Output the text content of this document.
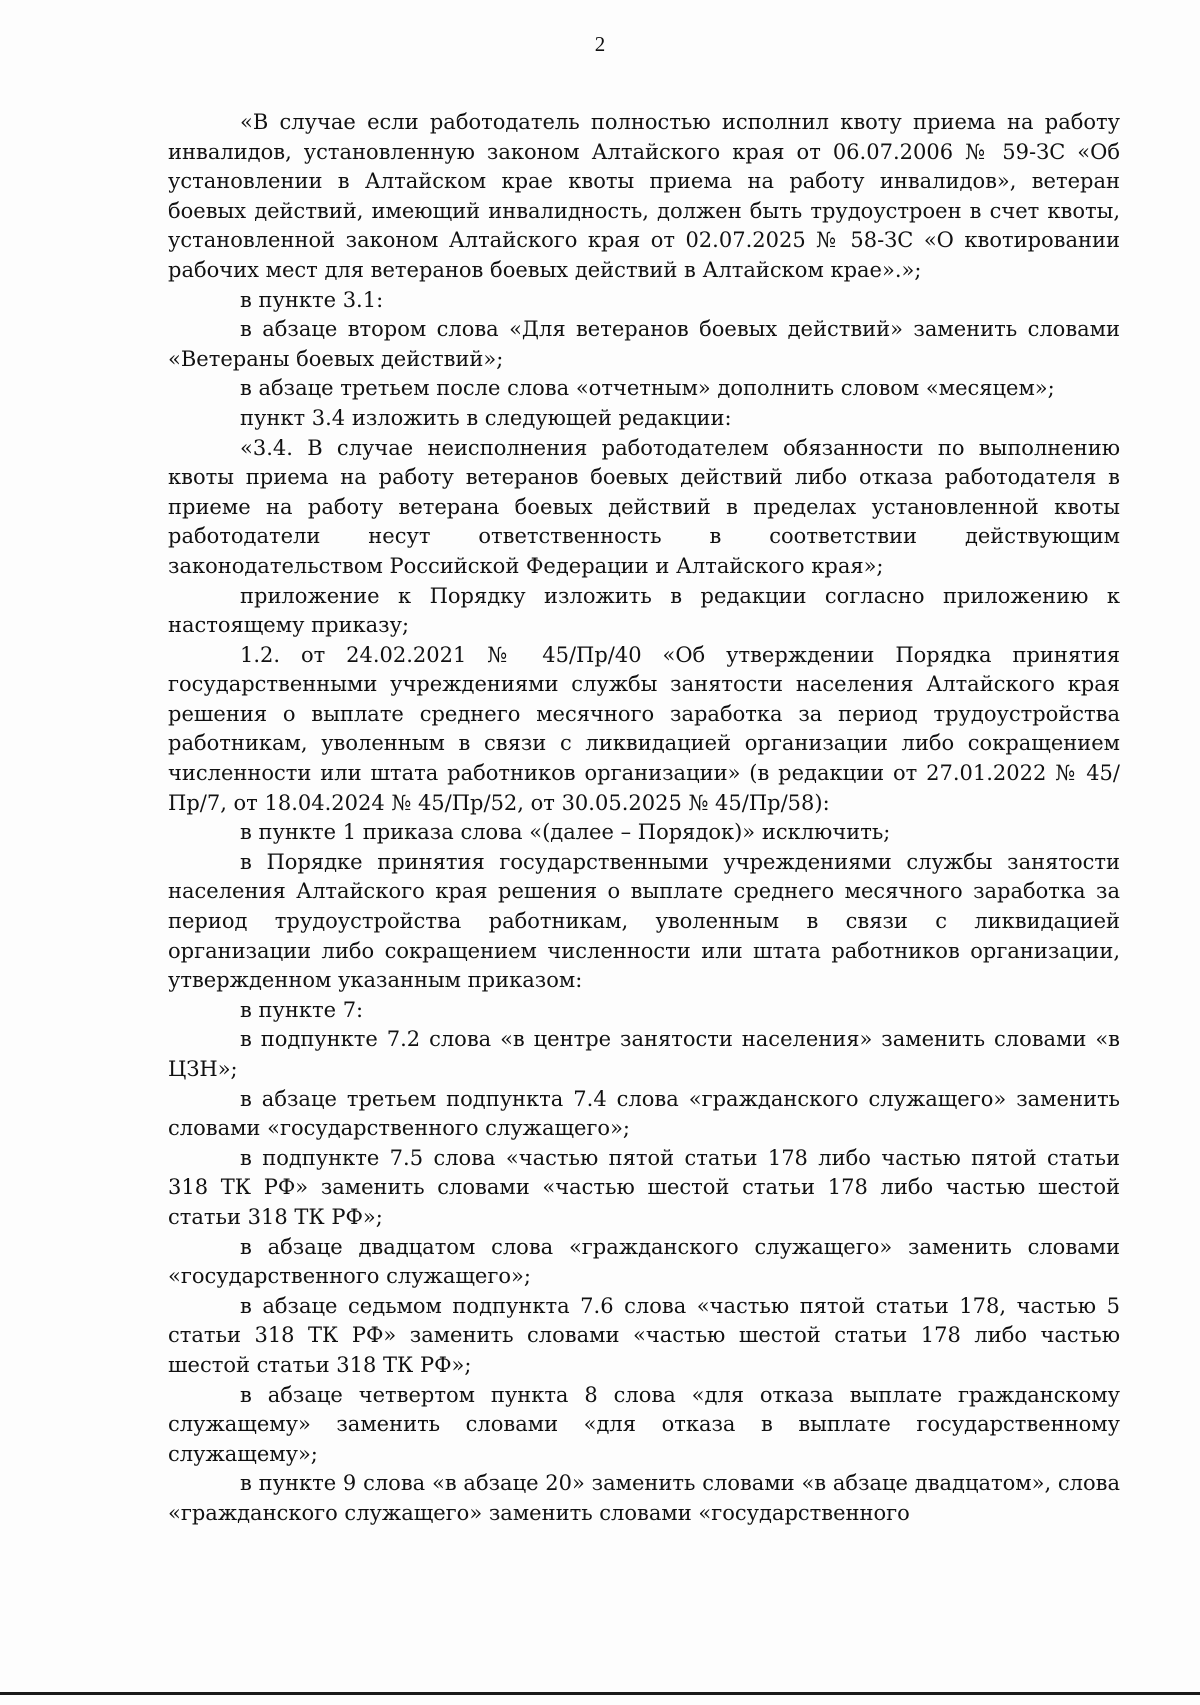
2

«В случае если работодатель полностью исполнил квоту приема на работу инвалидов, установленную законом Алтайского края от 06.07.2006 № 59-ЗС «Об установлении в Алтайском крае квоты приема на работу инвалидов», ветеран боевых действий, имеющий инвалидность, должен быть трудоустроен в счет квоты, установленной законом Алтайского края от 02.07.2025 № 58-ЗС «О квотировании рабочих мест для ветеранов боевых действий в Алтайском крае».»;

в пункте 3.1:

в абзаце втором слова «Для ветеранов боевых действий» заменить словами «Ветераны боевых действий»;

в абзаце третьем после слова «отчетным» дополнить словом «месяцем»;

пункт 3.4 изложить в следующей редакции:

«3.4. В случае неисполнения работодателем обязанности по выполнению квоты приема на работу ветеранов боевых действий либо отказа работодателя в приеме на работу ветерана боевых действий в пределах установленной квоты работодатели несут ответственность в соответствии действующим законодательством Российской Федерации и Алтайского края»;

приложение к Порядку изложить в редакции согласно приложению к настоящему приказу;

1.2. от 24.02.2021 № 45/Пр/40 «Об утверждении Порядка принятия государственными учреждениями службы занятости населения Алтайского края решения о выплате среднего месячного заработка за период трудоустройства работникам, уволенным в связи с ликвидацией организации либо сокращением численности или штата работников организации» (в редакции от 27.01.2022 № 45/Пр/7, от 18.04.2024 № 45/Пр/52, от 30.05.2025 № 45/Пр/58):

в пункте 1 приказа слова «(далее – Порядок)» исключить;

в Порядке принятия государственными учреждениями службы занятости населения Алтайского края решения о выплате среднего месячного заработка за период трудоустройства работникам, уволенным в связи с ликвидацией организации либо сокращением численности или штата работников организации, утвержденном указанным приказом:

в пункте 7:

в подпункте 7.2 слова «в центре занятости населения» заменить словами «в ЦЗН»;

в абзаце третьем подпункта 7.4 слова «гражданского служащего» заменить словами «государственного служащего»;

в подпункте 7.5 слова «частью пятой статьи 178 либо частью пятой статьи 318 ТК РФ» заменить словами «частью шестой статьи 178 либо частью шестой статьи 318 ТК РФ»;

в абзаце двадцатом слова «гражданского служащего» заменить словами «государственного служащего»;

в абзаце седьмом подпункта 7.6 слова «частью пятой статьи 178, частью 5 статьи 318 ТК РФ» заменить словами «частью шестой статьи 178 либо частью шестой статьи 318 ТК РФ»;

в абзаце четвертом пункта 8 слова «для отказа выплате гражданскому служащему» заменить словами «для отказа в выплате государственному служащему»;

в пункте 9 слова «в абзаце 20» заменить словами «в абзаце двадцатом», слова «гражданского служащего» заменить словами «государственного
